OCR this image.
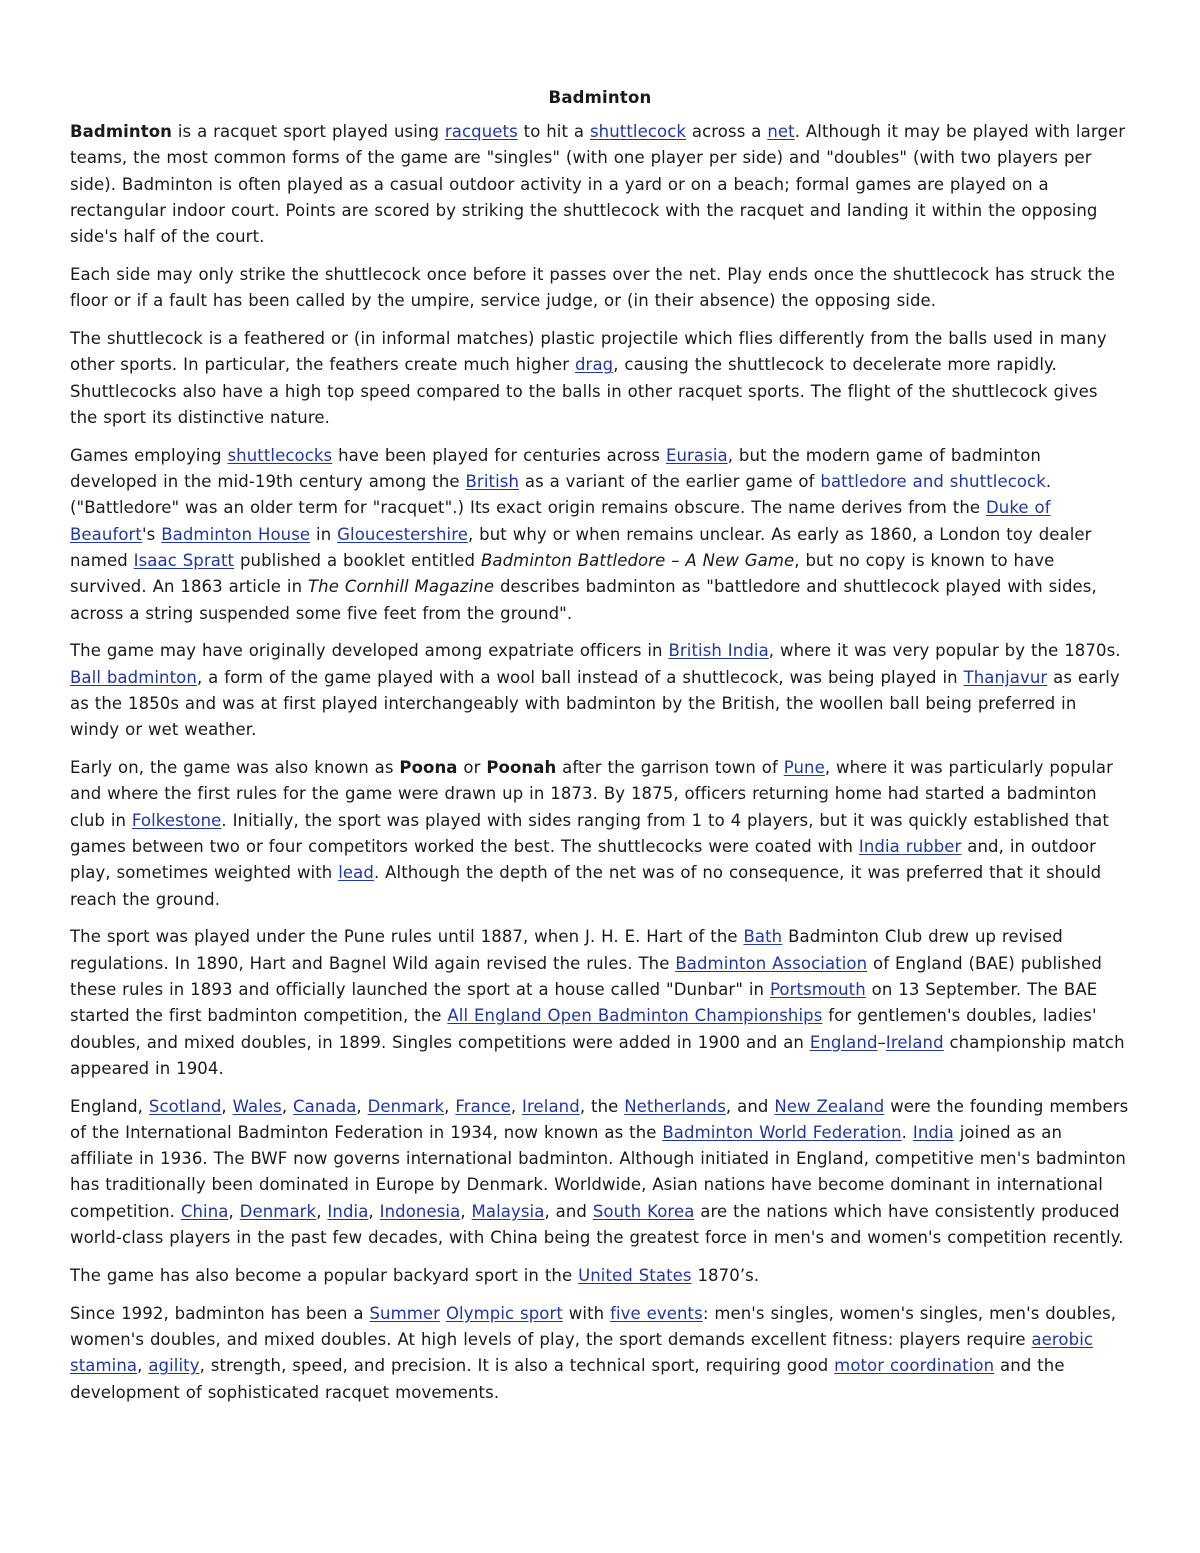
Badminton

Badminton is a racquet sport played using racquets to hit a shuttlecock across a net. Although it may be played with larger teams, the most common forms of the game are "singles" (with one player per side) and "doubles" (with two players per side). Badminton is often played as a casual outdoor activity in a yard or on a beach; formal games are played on a rectangular indoor court. Points are scored by striking the shuttlecock with the racquet and landing it within the opposing side's half of the court.

Each side may only strike the shuttlecock once before it passes over the net. Play ends once the shuttlecock has struck the floor or if a fault has been called by the umpire, service judge, or (in their absence) the opposing side.

The shuttlecock is a feathered or (in informal matches) plastic projectile which flies differently from the balls used in many other sports. In particular, the feathers create much higher drag, causing the shuttlecock to decelerate more rapidly. Shuttlecocks also have a high top speed compared to the balls in other racquet sports. The flight of the shuttlecock gives the sport its distinctive nature.

Games employing shuttlecocks have been played for centuries across Eurasia, but the modern game of badminton developed in the mid-19th century among the British as a variant of the earlier game of battledore and shuttlecock. ("Battledore" was an older term for "racquet".) Its exact origin remains obscure. The name derives from the Duke of Beaufort's Badminton House in Gloucestershire, but why or when remains unclear. As early as 1860, a London toy dealer named Isaac Spratt published a booklet entitled Badminton Battledore – A New Game, but no copy is known to have survived. An 1863 article in The Cornhill Magazine describes badminton as "battledore and shuttlecock played with sides, across a string suspended some five feet from the ground".

The game may have originally developed among expatriate officers in British India, where it was very popular by the 1870s. Ball badminton, a form of the game played with a wool ball instead of a shuttlecock, was being played in Thanjavur as early as the 1850s and was at first played interchangeably with badminton by the British, the woollen ball being preferred in windy or wet weather.

Early on, the game was also known as Poona or Poonah after the garrison town of Pune, where it was particularly popular and where the first rules for the game were drawn up in 1873. By 1875, officers returning home had started a badminton club in Folkestone. Initially, the sport was played with sides ranging from 1 to 4 players, but it was quickly established that games between two or four competitors worked the best. The shuttlecocks were coated with India rubber and, in outdoor play, sometimes weighted with lead. Although the depth of the net was of no consequence, it was preferred that it should reach the ground.

The sport was played under the Pune rules until 1887, when J. H. E. Hart of the Bath Badminton Club drew up revised regulations. In 1890, Hart and Bagnel Wild again revised the rules. The Badminton Association of England (BAE) published these rules in 1893 and officially launched the sport at a house called "Dunbar" in Portsmouth on 13 September. The BAE started the first badminton competition, the All England Open Badminton Championships for gentlemen's doubles, ladies' doubles, and mixed doubles, in 1899. Singles competitions were added in 1900 and an England–Ireland championship match appeared in 1904.

England, Scotland, Wales, Canada, Denmark, France, Ireland, the Netherlands, and New Zealand were the founding members of the International Badminton Federation in 1934, now known as the Badminton World Federation. India joined as an affiliate in 1936. The BWF now governs international badminton. Although initiated in England, competitive men's badminton has traditionally been dominated in Europe by Denmark. Worldwide, Asian nations have become dominant in international competition. China, Denmark, India, Indonesia, Malaysia, and South Korea are the nations which have consistently produced world-class players in the past few decades, with China being the greatest force in men's and women's competition recently.

The game has also become a popular backyard sport in the United States 1870’s.

Since 1992, badminton has been a Summer Olympic sport with five events: men's singles, women's singles, men's doubles, women's doubles, and mixed doubles. At high levels of play, the sport demands excellent fitness: players require aerobic stamina, agility, strength, speed, and precision. It is also a technical sport, requiring good motor coordination and the development of sophisticated racquet movements.
